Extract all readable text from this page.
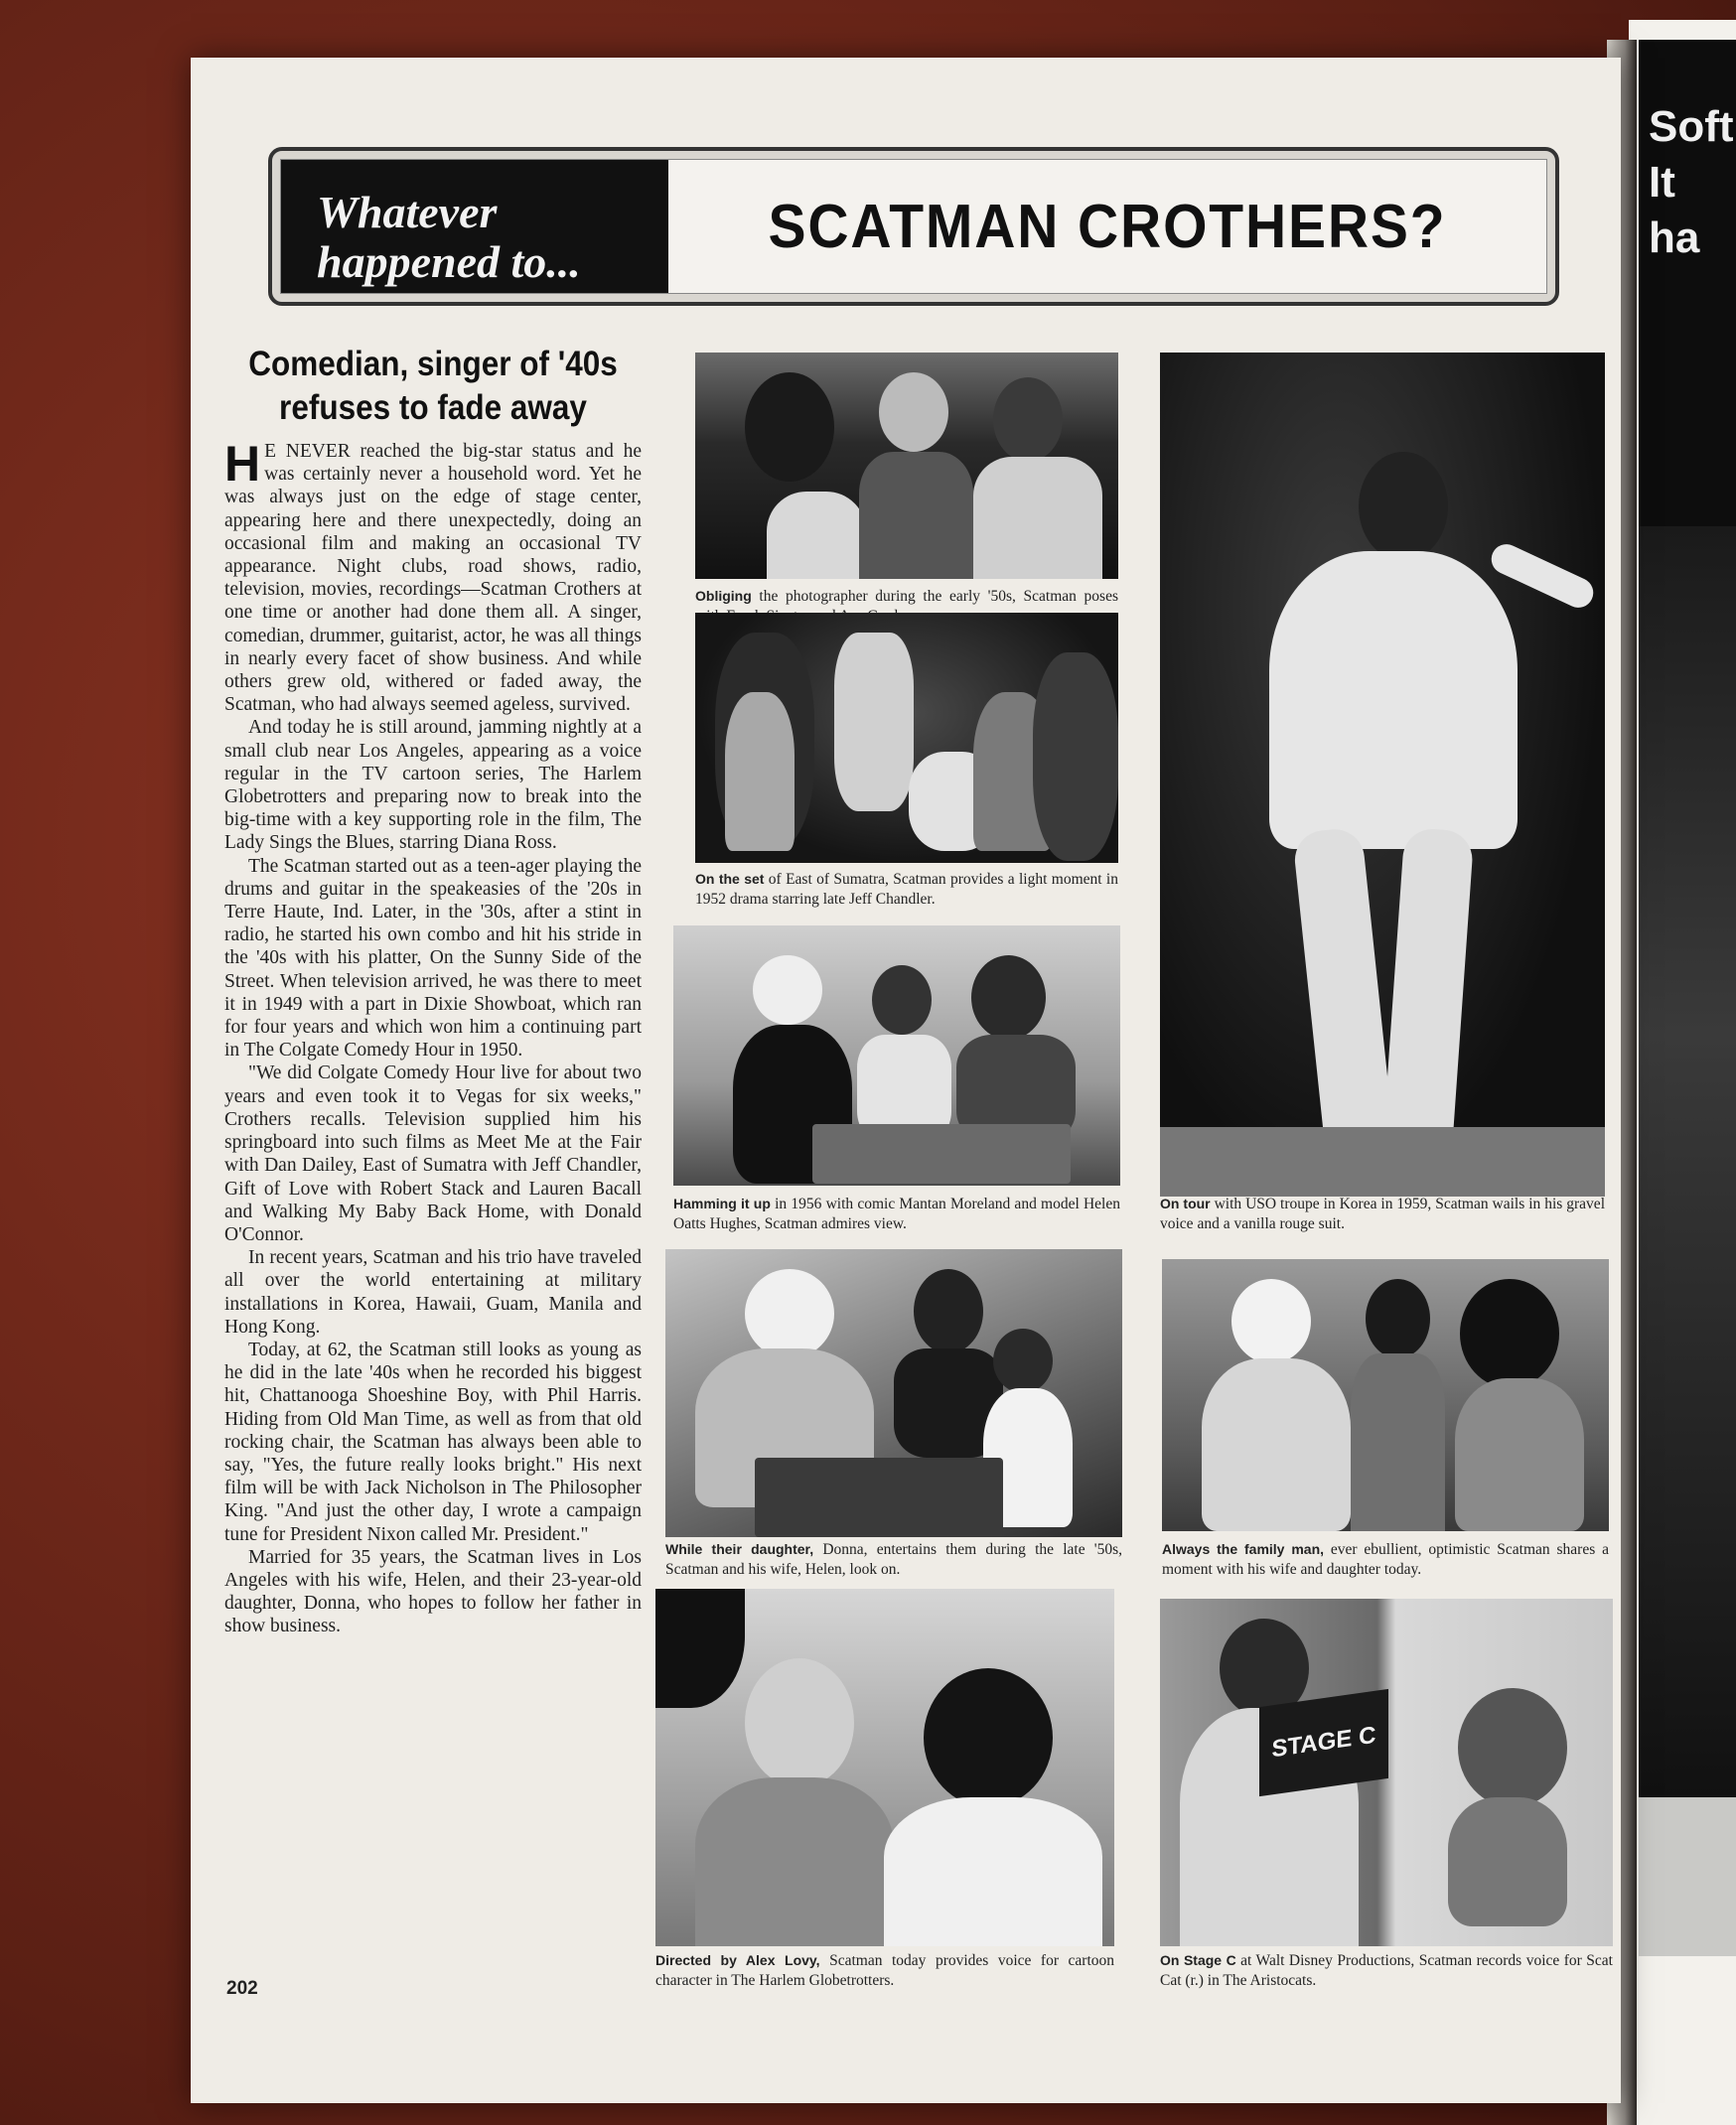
Soft
It ha
Whatever happened to...
SCATMAN CROTHERS?
Comedian, singer of '40s refuses to fade away

H E NEVER reached the big-star status and he was certainly never a household word. Yet he was always just on the edge of stage center, appearing here and there unexpectedly, doing an occasional film and making an occasional TV appearance. Night clubs, road shows, radio, television, movies, recordings—Scatman Crothers at one time or another had done them all. A singer, comedian, drummer, guitarist, actor, he was all things in nearly every facet of show business. And while others grew old, withered or faded away, the Scatman, who had always seemed ageless, survived.

And today he is still around, jamming nightly at a small club near Los Angeles, appearing as a voice regular in the TV cartoon series, The Harlem Globetrotters and preparing now to break into the big-time with a key supporting role in the film, The Lady Sings the Blues, starring Diana Ross.

The Scatman started out as a teen-ager playing the drums and guitar in the speakeasies of the '20s in Terre Haute, Ind. Later, in the '30s, after a stint in radio, he started his own combo and hit his stride in the '40s with his platter, On the Sunny Side of the Street. When television arrived, he was there to meet it in 1949 with a part in Dixie Showboat, which ran for four years and which won him a continuing part in The Colgate Comedy Hour in 1950.

"We did Colgate Comedy Hour live for about two years and even took it to Vegas for six weeks," Crothers recalls. Television supplied him his springboard into such films as Meet Me at the Fair with Dan Dailey, East of Sumatra with Jeff Chandler, Gift of Love with Robert Stack and Lauren Bacall and Walking My Baby Back Home, with Donald O'Connor.

In recent years, Scatman and his trio have traveled all over the world entertaining at military installations in Korea, Hawaii, Guam, Manila and Hong Kong.

Today, at 62, the Scatman still looks as young as he did in the late '40s when he recorded his biggest hit, Chattanooga Shoeshine Boy, with Phil Harris. Hiding from Old Man Time, as well as from that old rocking chair, the Scatman has always been able to say, "Yes, the future really looks bright." His next film will be with Jack Nicholson in The Philosopher King. "And just the other day, I wrote a campaign tune for President Nixon called Mr. President."

Married for 35 years, the Scatman lives in Los Angeles with his wife, Helen, and their 23-year-old daughter, Donna, who hopes to follow her father in show business.

202
Obliging the photographer during the early '50s, Scatman poses
On the set of East of Sumatra, Scatman provides a light moment in 1952 drama starring late Jeff Chandler.
Hamming it up in 1956 with comic Mantan Moreland and model Helen Oatts Hughes, Scatman admires view.
On tour with USO troupe in Korea in 1959, Scatman wails in his gravel voice and a vanilla rouge suit.
While their daughter, Donna, entertains them during the late '50s, Scatman and his wife, Helen, look on.
Always the family man, ever ebullient, optimistic Scatman shares a moment with his wife and daughter today.
Directed by Alex Lovy, Scatman today provides voice for cartoon character in The Harlem Globetrotters.
STAGE C
On Stage C at Walt Disney Productions, Scatman records voice for Scat Cat (r.) in The Aristocats.
